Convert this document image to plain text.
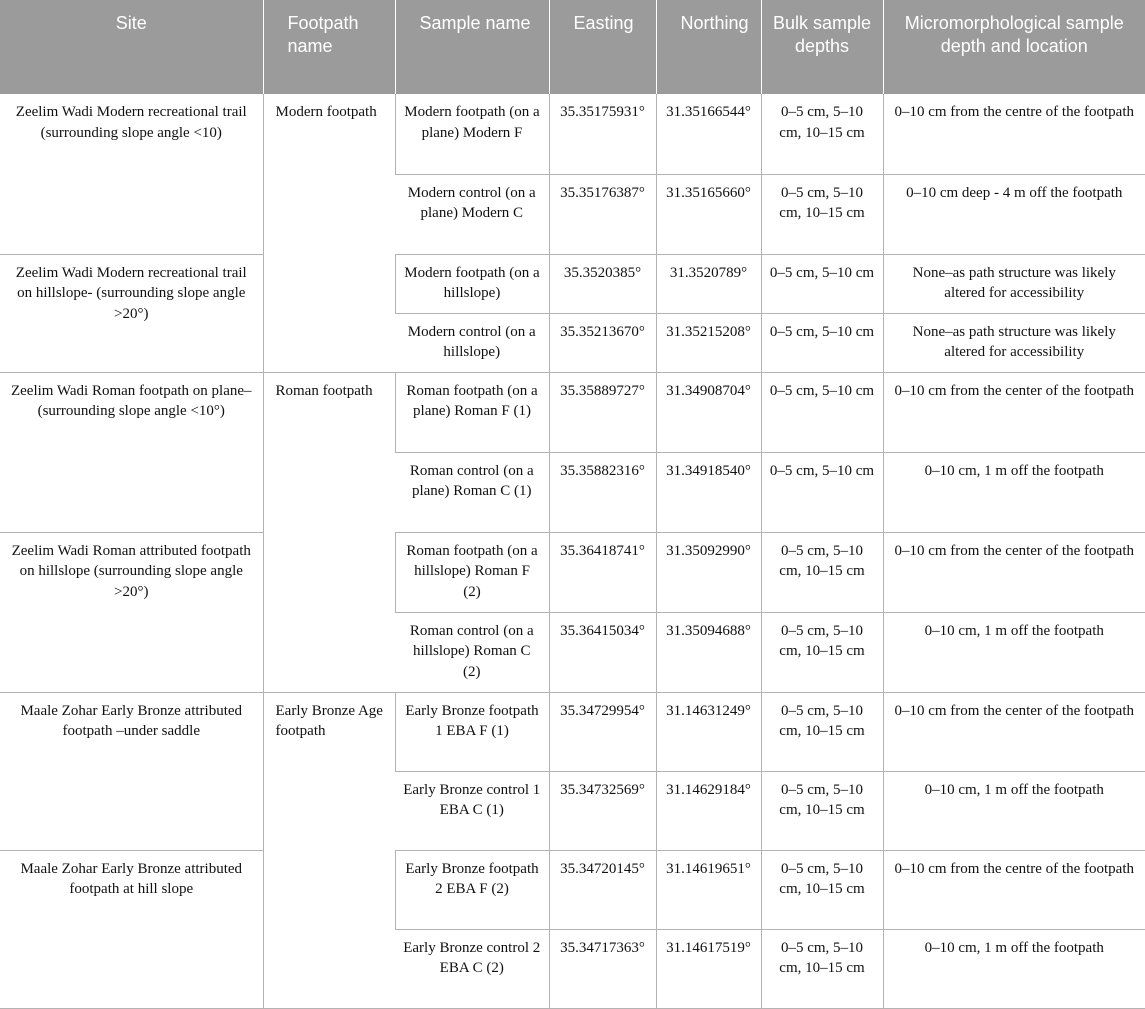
Site	Footpath name	Sample name	Easting	Northing	Bulk sample depths	Micromorphological sample depth and location
Zeelim Wadi Modern recreational trail (surrounding slope angle <10)	Modern footpath	Modern footpath (on a plane) Modern F	35.35175931°	31.35166544°	0–5 cm, 5–10 cm, 10–15 cm	0–10 cm from the centre of the footpath
		Modern control (on a plane) Modern C	35.35176387°	31.35165660°	0–5 cm, 5–10 cm, 10–15 cm	0–10 cm deep - 4 m off the footpath
Zeelim Wadi Modern recreational trail on hillslope- (surrounding slope angle >20°)		Modern footpath (on a hillslope)	35.3520385°	31.3520789°	0–5 cm, 5–10 cm	None–as path structure was likely altered for accessibility
		Modern control (on a hillslope)	35.35213670°	31.35215208°	0–5 cm, 5–10 cm	None–as path structure was likely altered for accessibility
Zeelim Wadi Roman footpath on plane–(surrounding slope angle <10°)	Roman footpath	Roman footpath (on a plane) Roman F (1)	35.35889727°	31.34908704°	0–5 cm, 5–10 cm	0–10 cm from the center of the footpath
		Roman control (on a plane) Roman C (1)	35.35882316°	31.34918540°	0–5 cm, 5–10 cm	0–10 cm, 1 m off the footpath
Zeelim Wadi Roman attributed footpath on hillslope (surrounding slope angle >20°)		Roman footpath (on a hillslope) Roman F (2)	35.36418741°	31.35092990°	0–5 cm, 5–10 cm, 10–15 cm	0–10 cm from the center of the footpath
		Roman control (on a hillslope) Roman C (2)	35.36415034°	31.35094688°	0–5 cm, 5–10 cm, 10–15 cm	0–10 cm, 1 m off the footpath
Maale Zohar Early Bronze attributed footpath –under saddle	Early Bronze Age footpath	Early Bronze footpath 1 EBA F (1)	35.34729954°	31.14631249°	0–5 cm, 5–10 cm, 10–15 cm	0–10 cm from the center of the footpath
		Early Bronze control 1 EBA C (1)	35.34732569°	31.14629184°	0–5 cm, 5–10 cm, 10–15 cm	0–10 cm, 1 m off the footpath
Maale Zohar Early Bronze attributed footpath at hill slope		Early Bronze footpath 2 EBA F (2)	35.34720145°	31.14619651°	0–5 cm, 5–10 cm, 10–15 cm	0–10 cm from the centre of the footpath
		Early Bronze control 2 EBA C (2)	35.34717363°	31.14617519°	0–5 cm, 5–10 cm, 10–15 cm	0–10 cm, 1 m off the footpath
